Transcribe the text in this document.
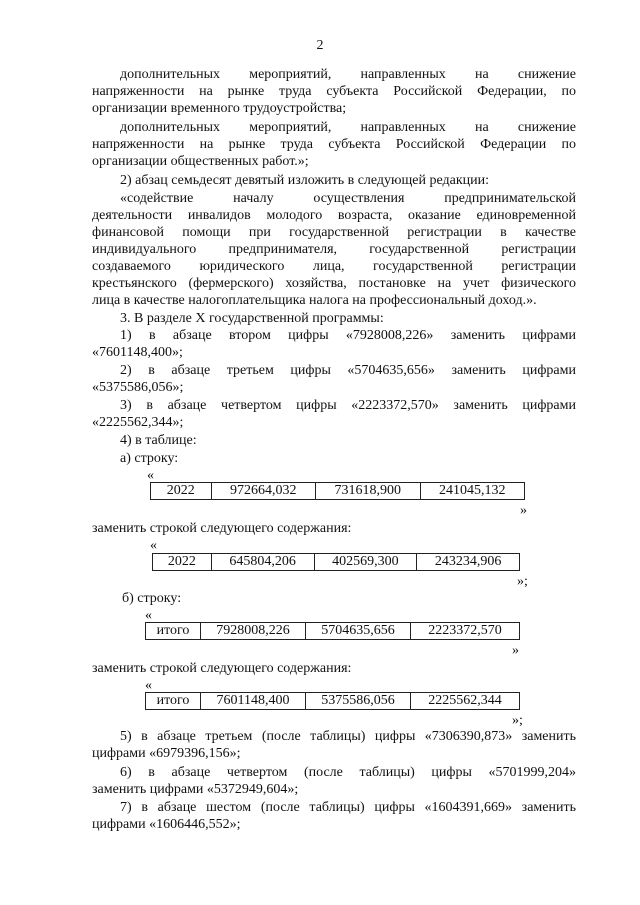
2

дополнительных мероприятий, направленных на снижение

напряженности на рынке труда субъекта Российской Федерации, по

организации временного трудоустройства;

дополнительных мероприятий, направленных на снижение

напряженности на рынке труда субъекта Российской Федерации по

организации общественных работ.»;

2) абзац семьдесят девятый изложить в следующей редакции:

«содействие началу осуществления предпринимательской

деятельности инвалидов молодого возраста, оказание единовременной

финансовой помощи при государственной регистрации в качестве

индивидуального предпринимателя, государственной регистрации

создаваемого юридического лица, государственной регистрации

крестьянского (фермерского) хозяйства, постановке на учет физического

лица в качестве налогоплательщика налога на профессиональный доход.».

3. В разделе X государственной программы:

1) в абзаце втором цифры «7928008,226» заменить цифрами

«7601148,400»;

2) в абзаце третьем цифры «5704635,656» заменить цифрами

«5375586,056»;

3) в абзаце четвертом цифры «2223372,570» заменить цифрами

«2225562,344»;

4) в таблице:

а) строку:

«
2022	972664,032	731618,900	241045,132
»

заменить строкой следующего содержания:

«
2022	645804,206	402569,300	243234,906
»;

б) строку:

«
итого	7928008,226	5704635,656	2223372,570
»

заменить строкой следующего содержания:

«
итого	7601148,400	5375586,056	2225562,344
»;

5) в абзаце третьем (после таблицы) цифры «7306390,873» заменить

цифрами «6979396,156»;

6) в абзаце четвертом (после таблицы) цифры «5701999,204»

заменить цифрами «5372949,604»;

7) в абзаце шестом (после таблицы) цифры «1604391,669» заменить

цифрами «1606446,552»;
